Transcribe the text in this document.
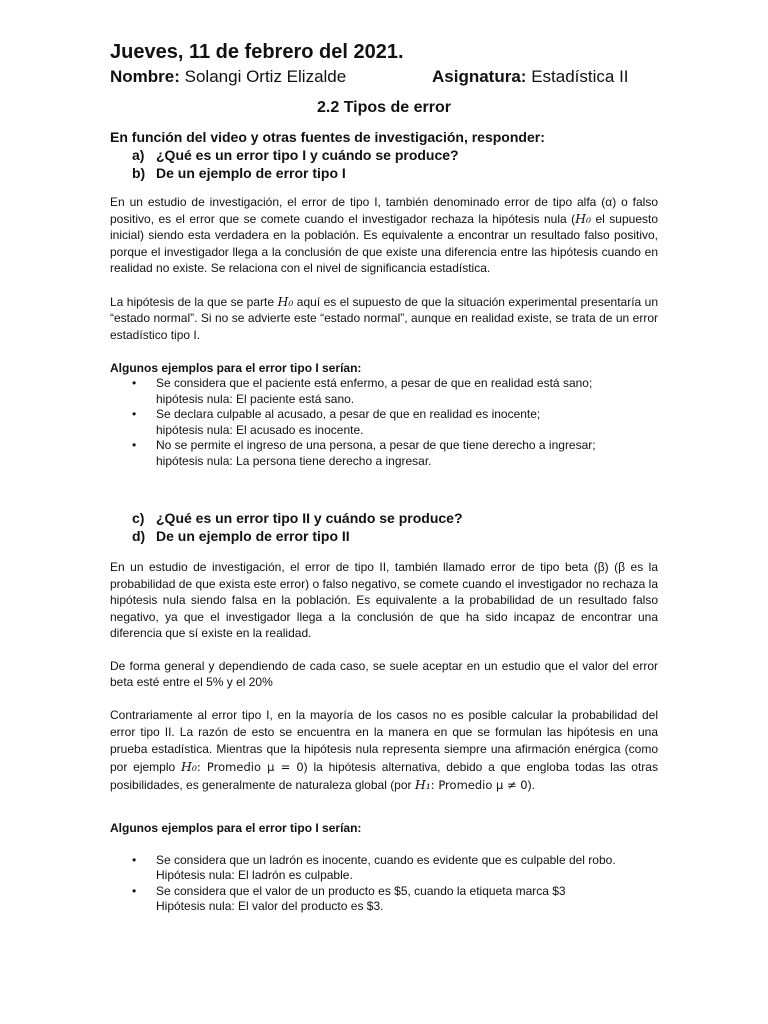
Jueves, 11 de febrero del 2021.
Nombre: Solangi Ortiz Elizalde	Asignatura: Estadística II
2.2 Tipos de error
En función del video y otras fuentes de investigación, responder:
a) ¿Qué es un error tipo I y cuándo se produce?
b) De un ejemplo de error tipo I

En un estudio de investigación, el error de tipo I, también denominado error de tipo alfa (α) o falso positivo, es el error que se comete cuando el investigador rechaza la hipótesis nula (H₀ el supuesto inicial) siendo esta verdadera en la población. Es equivalente a encontrar un resultado falso positivo, porque el investigador llega a la conclusión de que existe una diferencia entre las hipótesis cuando en realidad no existe. Se relaciona con el nivel de significancia estadística.

La hipótesis de la que se parte H₀ aquí es el supuesto de que la situación experimental presentaría un “estado normal”. Si no se advierte este “estado normal”, aunque en realidad existe, se trata de un error estadístico tipo I.

Algunos ejemplos para el error tipo I serían:
• Se considera que el paciente está enfermo, a pesar de que en realidad está sano;
hipótesis nula: El paciente está sano.
• Se declara culpable al acusado, a pesar de que en realidad es inocente;
hipótesis nula: El acusado es inocente.
• No se permite el ingreso de una persona, a pesar de que tiene derecho a ingresar;
hipótesis nula: La persona tiene derecho a ingresar.
c) ¿Qué es un error tipo II y cuándo se produce?
d) De un ejemplo de error tipo II

En un estudio de investigación, el error de tipo II, también llamado error de tipo beta (β) (β es la probabilidad de que exista este error) o falso negativo, se comete cuando el investigador no rechaza la hipótesis nula siendo falsa en la población. Es equivalente a la probabilidad de un resultado falso negativo, ya que el investigador llega a la conclusión de que ha sido incapaz de encontrar una diferencia que sí existe en la realidad.

De forma general y dependiendo de cada caso, se suele aceptar en un estudio que el valor del error beta esté entre el 5% y el 20%

Contrariamente al error tipo I, en la mayoría de los casos no es posible calcular la probabilidad del error tipo II. La razón de esto se encuentra en la manera en que se formulan las hipótesis en una prueba estadística. Mientras que la hipótesis nula representa siempre una afirmación enérgica (como por ejemplo H₀: Promedio μ = 0) la hipótesis alternativa, debido a que engloba todas las otras posibilidades, es generalmente de naturaleza global (por H₁: Promedio μ ≠ 0).

Algunos ejemplos para el error tipo I serían:
• Se considera que un ladrón es inocente, cuando es evidente que es culpable del robo.
Hipótesis nula: El ladrón es culpable.
• Se considera que el valor de un producto es $5, cuando la etiqueta marca $3
Hipótesis nula: El valor del producto es $3.
